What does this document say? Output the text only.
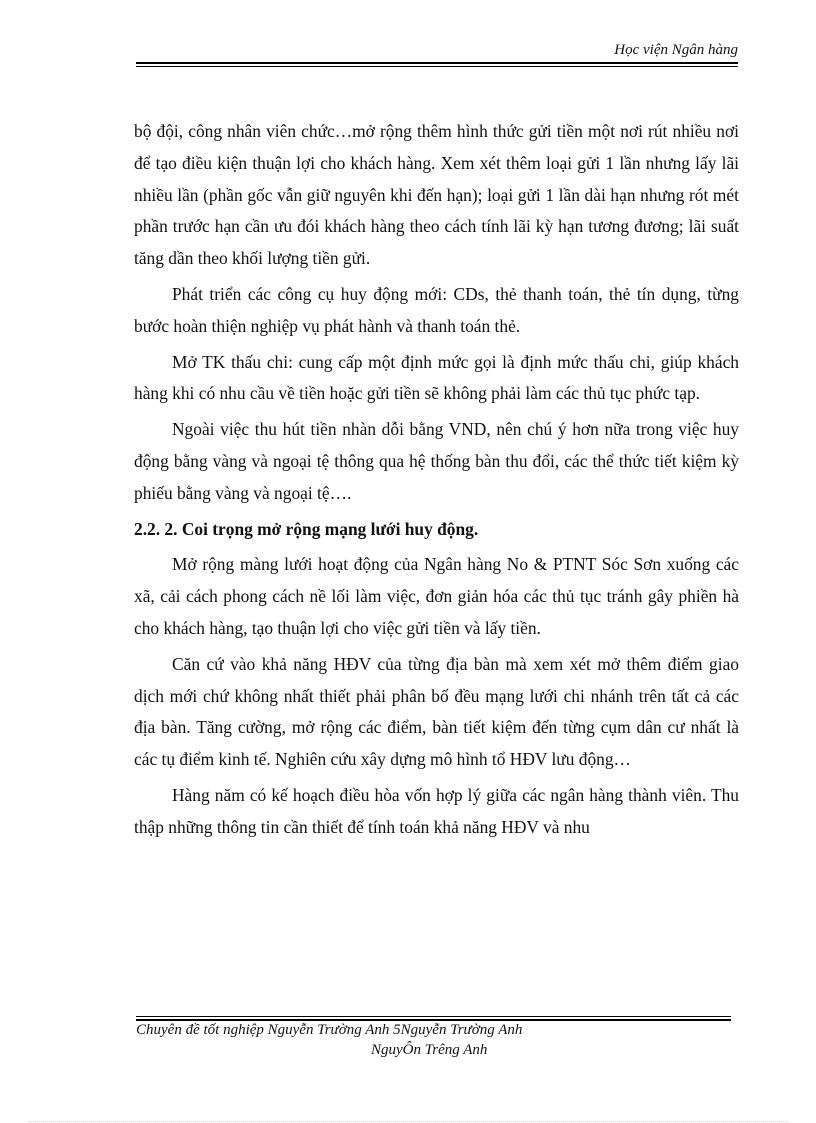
Học viện Ngân hàng

bộ đội, công nhân viên chức…mở rộng thêm hình thức gửi tiền một nơi rút nhiều nơi để tạo điều kiện thuận lợi cho khách hàng. Xem xét thêm loại gửi 1 lần nhưng lấy lãi nhiều lần (phần gốc vẫn giữ nguyên khi đến hạn); loại gửi 1 lần dài hạn nhưng rót mét phần trước hạn cần ưu đói khách hàng theo cách tính lãi kỳ hạn tương đương; lãi suất tăng dần theo khối lượng tiền gửi.

Phát triển các công cụ huy động mới: CDs, thẻ thanh toán, thẻ tín dụng, từng bước hoàn thiện nghiệp vụ phát hành và thanh toán thẻ.

Mở TK thấu chi: cung cấp một định mức gọi là định mức thấu chi, giúp khách hàng khi có nhu cầu về tiền hoặc gửi tiền sẽ không phải làm các thủ tục phức tạp.

Ngoài việc thu hút tiền nhàn dỗi bằng VND, nên chú ý hơn nữa trong việc huy động bằng vàng và ngoại tệ thông qua hệ thống bàn thu đổi, các thể thức tiết kiệm kỳ phiếu bằng vàng và ngoại tệ….

2.2. 2. Coi trọng mở rộng mạng lưới huy động.

Mở rộng màng lưới hoạt động của Ngân hàng No & PTNT Sóc Sơn xuống các xã, cải cách phong cách nề lối làm việc, đơn giản hóa các thủ tục tránh gây phiền hà cho khách hàng, tạo thuận lợi cho việc gửi tiền và lấy tiền.

Căn cứ vào khả năng HĐV của từng địa bàn mà xem xét mở thêm điểm giao dịch mới chứ không nhất thiết phải phân bố đều mạng lưới chi nhánh trên tất cả các địa bàn. Tăng cường, mở rộng các điểm, bàn tiết kiệm đến từng cụm dân cư nhất là các tụ điểm kinh tế. Nghiên cứu xây dựng mô hình tổ HĐV lưu động…

Hàng năm có kế hoạch điều hòa vốn hợp lý giữa các ngân hàng thành viên. Thu thập những thông tin cần thiết để tính toán khả năng HĐV và nhu

Chuyên đề tốt nghiệp Nguyễn Trường Anh 5Nguyễn Trường Anh
NguyÔn Trêng Anh
